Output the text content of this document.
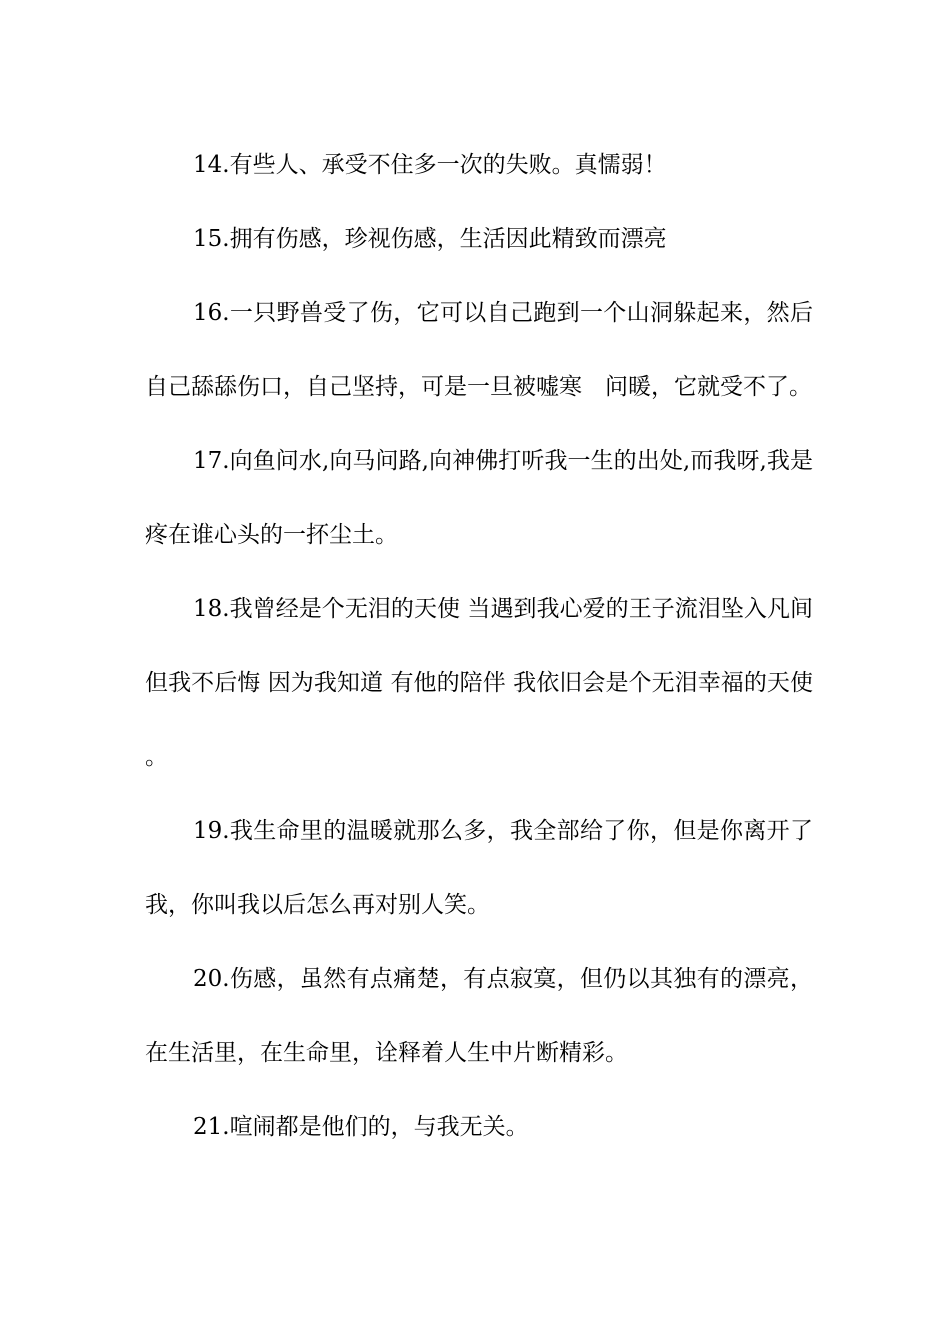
14.有些人、承受不住多一次的失败。真懦弱！

15.拥有伤感，珍视伤感，生活因此精致而漂亮

16.一只野兽受了伤，它可以自己跑到一个山洞躲起来，然后自己舔舔伤口，自己坚持，可是一旦被嘘寒　问暖，它就受不了。

17.向鱼问水,向马问路,向神佛打听我一生的出处,而我呀,我是疼在谁心头的一抔尘土。

18.我曾经是个无泪的天使 当遇到我心爱的王子流泪坠入凡间 但我不后悔 因为我知道 有他的陪伴 我依旧会是个无泪幸福的天使 。

19.我生命里的温暖就那么多，我全部给了你，但是你离开了我，你叫我以后怎么再对别人笑。

20.伤感，虽然有点痛楚，有点寂寞，但仍以其独有的漂亮，在生活里，在生命里，诠释着人生中片断精彩。

21.喧闹都是他们的，与我无关。
